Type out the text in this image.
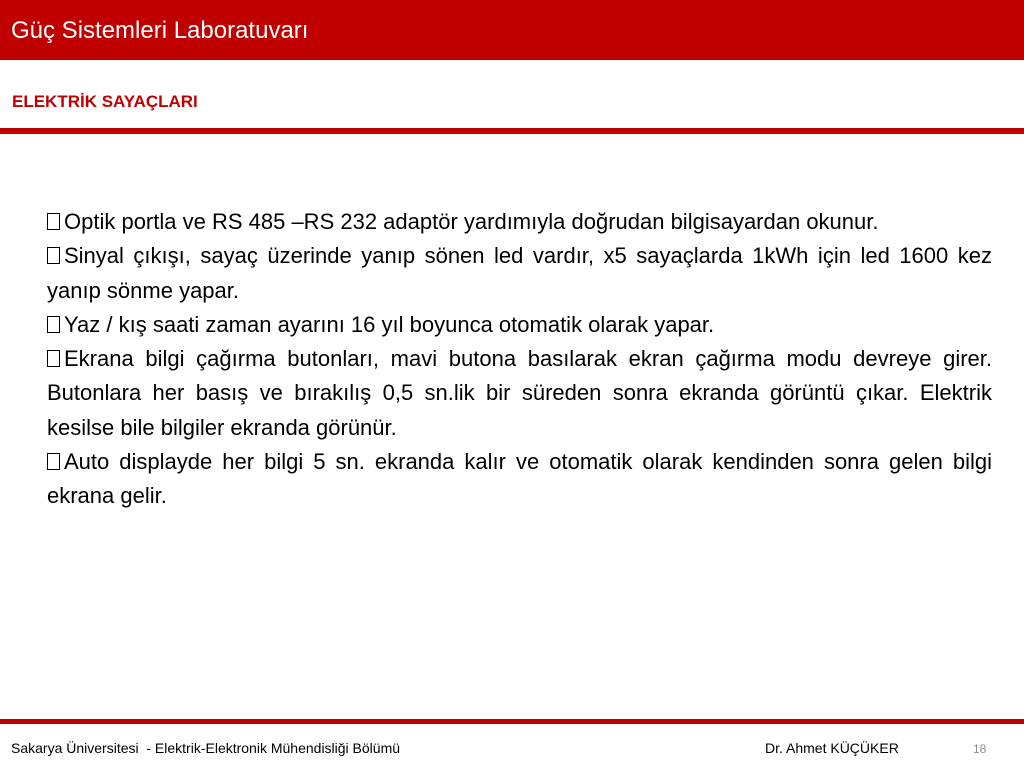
Güç Sistemleri Laboratuvarı
ELEKTRİK SAYAÇLARI

Optik portla ve RS 485 –RS 232 adaptör yardımıyla doğrudan bilgisayardan okunur.

Sinyal çıkışı, sayaç üzerinde yanıp sönen led vardır, x5 sayaçlarda 1kWh için led 1600 kez yanıp sönme yapar.

Yaz / kış saati zaman ayarını 16 yıl boyunca otomatik olarak yapar.

Ekrana bilgi çağırma butonları, mavi butona basılarak ekran çağırma modu devreye girer. Butonlara her basış ve bırakılış 0,5 sn.lik bir süreden sonra ekranda görüntü çıkar. Elektrik kesilse bile bilgiler ekranda görünür.

Auto displayde her bilgi 5 sn. ekranda kalır ve otomatik olarak kendinden sonra gelen bilgi ekrana gelir.

Sakarya Üniversitesi  - Elektrik-Elektronik Mühendisliği Bölümü	Dr. Ahmet KÜÇÜKER	18
